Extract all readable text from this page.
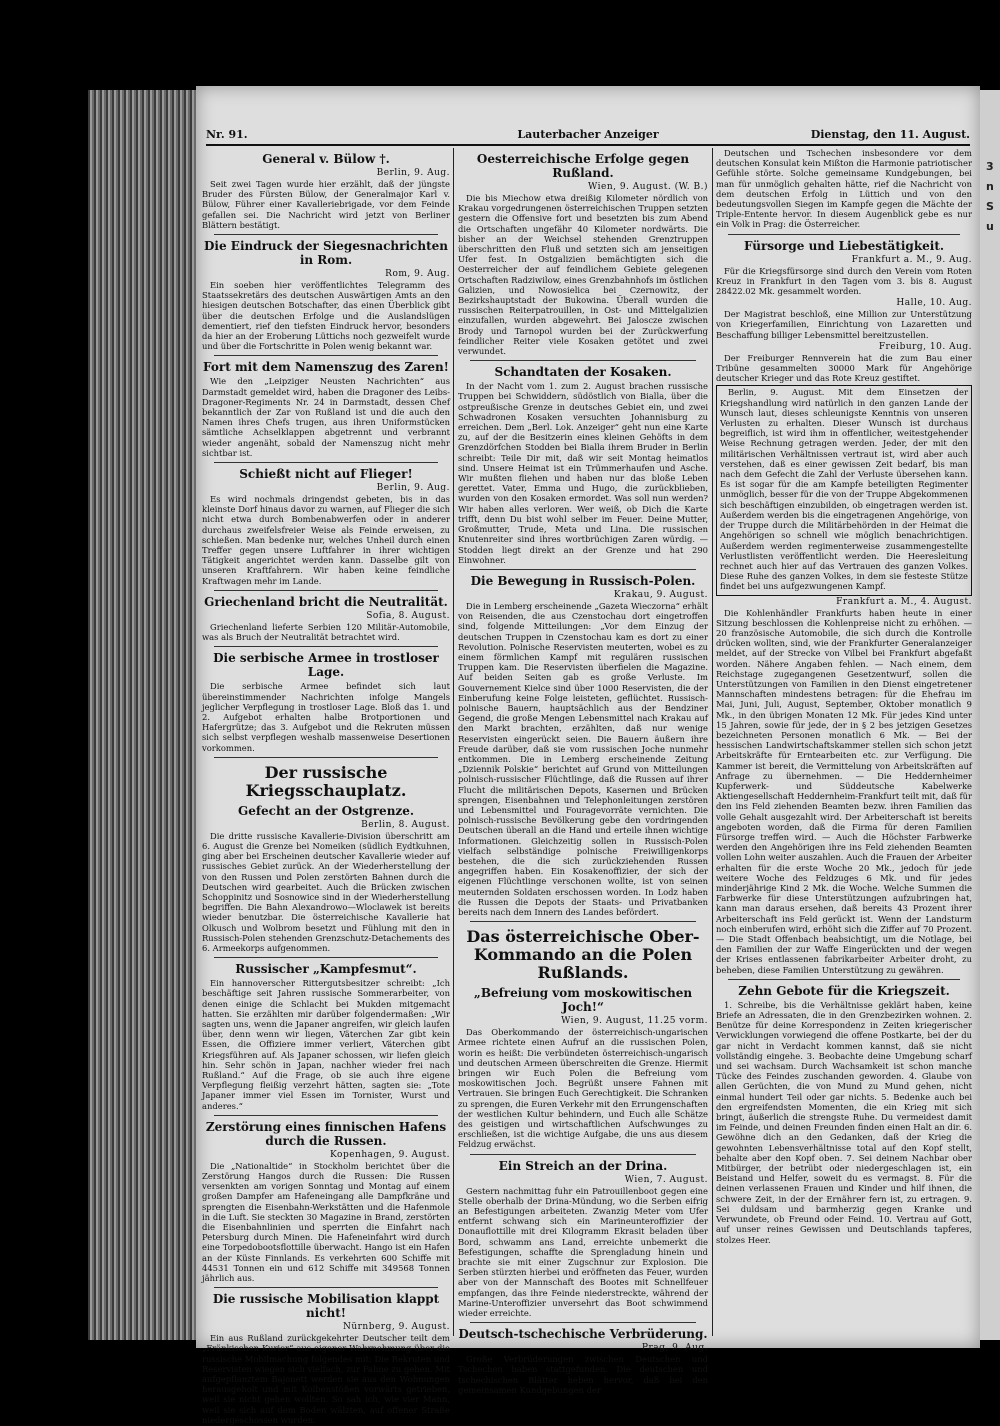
Nr. 91.	Lauterbacher Anzeiger	Dienstag, den 11. August.
General v. Bülow †.
Berlin, 9. Aug.

Seit zwei Tagen wurde hier erzählt, daß der jüngste Bruder des Fürsten Bülow, der Generalmajor Karl v. Bülow, Führer einer Kavalleriebrigade, vor dem Feinde gefallen sei. Die Nachricht wird jetzt von Berliner Blättern bestätigt.

Die Eindruck der Siegesnachrichten in Rom.
Rom, 9. Aug.

Ein soeben hier veröffentlichtes Telegramm des Staatssekretärs des deutschen Auswärtigen Amts an den hiesigen deutschen Botschafter, das einen Überblick gibt über die deutschen Erfolge und die Auslandslügen dementiert, rief den tiefsten Eindruck hervor, besonders da hier an der Eroberung Lüttichs noch gezweifelt wurde und über die Fortschritte in Polen wenig bekannt war.

Fort mit dem Namenszug des Zaren!

Wie den „Leipziger Neusten Nachrichten“ aus Darmstadt gemeldet wird, haben die Dragoner des Leibs-Dragoner-Regiments Nr. 24 in Darmstadt, dessen Chef bekanntlich der Zar von Rußland ist und die auch den Namen ihres Chefs trugen, aus ihren Uniformstücken sämtliche Achselklappen abgetrennt und verbrannt wieder angenäht, sobald der Namenszug nicht mehr sichtbar ist.

Schießt nicht auf Flieger!
Berlin, 9. Aug.

Es wird nochmals dringendst gebeten, bis in das kleinste Dorf hinaus davor zu warnen, auf Flieger die sich nicht etwa durch Bombenabwerfen oder in anderer durchaus zweifelsfreier Weise als Feinde erweisen, zu schießen. Man bedenke nur, welches Unheil durch einen Treffer gegen unsere Luftfahrer in ihrer wichtigen Tätigkeit angerichtet werden kann. Dasselbe gilt von unseren Kraftfahrern. Wir haben keine feindliche Kraftwagen mehr im Lande.

Griechenland bricht die Neutralität.
Sofia, 8. August.

Griechenland lieferte Serbien 120 Militär-Automobile, was als Bruch der Neutralität betrachtet wird.

Die serbische Armee in trostloser Lage.

Die serbische Armee befindet sich laut übereinstimmender Nachrichten infolge Mangels jeglicher Verpflegung in trostloser Lage. Bloß das 1. und 2. Aufgebot erhalten halbe Brotportionen und Hafergrütze; das 3. Aufgebot und die Rekruten müssen sich selbst verpflegen weshalb massenweise Desertionen vorkommen.

Der russische Kriegsschauplatz.
Gefecht an der Ostgrenze.
Berlin, 8. August.

Die dritte russische Kavallerie-Division überschritt am 6. August die Grenze bei Nomeiken (südlich Eydtkuhnen, ging aber bei Erscheinen deutscher Kavallerie wieder auf russisches Gebiet zurück. An der Wiederherstellung der von den Russen und Polen zerstörten Bahnen durch die Deutschen wird gearbeitet. Auch die Brücken zwischen Schoppinitz und Sosnowice sind in der Wiederherstellung begriffen. Die Bahn Alexandrowo—Wloclawek ist bereits wieder benutzbar. Die österreichische Kavallerie hat Olkusch und Wolbrom besetzt und Fühlung mit den in Russisch-Polen stehenden Grenzschutz-Detachements des 6. Armeekorps aufgenommen.

Russischer „Kampfesmut“.

Ein hannoverscher Rittergutsbesitzer schreibt: „Ich beschäftige seit Jahren russische Sommerarbeiter, von denen einige die Schlacht bei Mukden mitgemacht hatten. Sie erzählten mir darüber folgendermaßen: „Wir sagten uns, wenn die Japaner angreifen, wir gleich laufen über, denn wenn wir liegen, Väterchen Zar gibt kein Essen, die Offiziere immer verliert, Väterchen gibt Kriegsführen auf. Als Japaner schossen, wir liefen gleich hin. Sehr schön in Japan, nachher wieder frei nach Rußland.“ Auf die Frage, ob sie auch ihre eigene Verpflegung fleißig verzehrt hätten, sagten sie: „Tote Japaner immer viel Essen im Tornister, Wurst und anderes.“

Zerstörung eines finnischen Hafens durch die Russen.
Kopenhagen, 9. August.

Die „Nationaltide“ in Stockholm berichtet über die Zerstörung Hangos durch die Russen: Die Russen versenkten am vorigen Sonntag und Montag auf einem großen Dampfer am Hafeneingang alle Dampfkräne und sprengten die Eisenbahn-Werkstätten und die Hafenmole in die Luft. Sie steckten 30 Magazine in Brand, zerstörten die Eisenbahnlinien und sperrten die Einfahrt nach Petersburg durch Minen. Die Hafeneinfahrt wird durch eine Torpedobootsflottille überwacht. Hango ist ein Hafen an der Küste Finnlands. Es verkehrten 600 Schiffe mit 44531 Tonnen ein und 612 Schiffe mit 349568 Tonnen jährlich aus.

Die russische Mobilisation klappt nicht!
Nürnberg, 9. August.

Ein aus Rußland zurückgekehrter Deutscher teilt dem „Fränkischen Kurier“ aus eigener Wahrnehmung über die russische Mobilmachung folgendes mit: Die Rekruten und Reservisten wiegen sich vielfach, zur Fahne zu gehen. Mit aufgepflanztem Bajonett werden sie aus den Wohnungen herausgeholt und mit Kolbenstößen vorwärts getrieben, weil sie nicht gehen wollten. So sah ich, wie vier Mann, weil sie sich auf dem Boden wälzten, auf offener Straße niedergeschossen wurden.

Oesterreichische Erfolge gegen Rußland.
Wien, 9. August. (W. B.)

Die bis Miechow etwa dreißig Kilometer nördlich von Krakau vorgedrungenen österreichischen Truppen setzten gestern die Offensive fort und besetzten bis zum Abend die Ortschaften ungefähr 40 Kilometer nordwärts. Die bisher an der Weichsel stehenden Grenztruppen überschritten den Fluß und setzten sich am jenseitigen Ufer fest. In Ostgalizien bemächtigten sich die Oesterreicher der auf feindlichem Gebiete gelegenen Ortschaften Radziwilow, eines Grenzbahnhofs im östlichen Galizien, und Nowosielica bei Czernowitz, der Bezirkshauptstadt der Bukowina. Überall wurden die russischen Reiterpatrouillen, in Ost- und Mittelgalizien einzufallen, wurden abgewehrt. Bei Jaloscze zwischen Brody und Tarnopol wurden bei der Zurückwerfung feindlicher Reiter viele Kosaken getötet und zwei verwundet.

Schandtaten der Kosaken.

In der Nacht vom 1. zum 2. August brachen russische Truppen bei Schwiddern, südöstlich von Bialla, über die ostpreußische Grenze in deutsches Gebiet ein, und zwei Schwadronen Kosaken versuchten Johannisburg zu erreichen. Dem „Berl. Lok. Anzeiger“ geht nun eine Karte zu, auf der die Besitzerin eines kleinen Gehöfts in dem Grenzdörfchen Stodden bei Bialla ihrem Bruder in Berlin schreibt: Teile Dir mit, daß wir seit Montag heimatlos sind. Unsere Heimat ist ein Trümmerhaufen und Asche. Wir mußten fliehen und haben nur das bloße Leben gerettet. Vater, Emma und Hugo, die zurückblieben, wurden von den Kosaken ermordet. Was soll nun werden? Wir haben alles verloren. Wer weiß, ob Dich die Karte trifft, denn Du bist wohl selber im Feuer. Deine Mutter, Großmutter, Trude, Meta und Lina. Die russischen Knutenreiter sind ihres wortbrüchigen Zaren würdig. — Stodden liegt direkt an der Grenze und hat 290 Einwohner.

Die Bewegung in Russisch-Polen.
Krakau, 9. August.

Die in Lemberg erscheinende „Gazeta Wieczorna“ erhält von Reisenden, die aus Czenstochau dort eingetroffen sind, folgende Mitteilungen: „Vor dem Einzug der deutschen Truppen in Czenstochau kam es dort zu einer Revolution. Polnische Reservisten meuterten, wobei es zu einem förmlichen Kampf mit regulären russischen Truppen kam. Die Reservisten überfielen die Magazine. Auf beiden Seiten gab es große Verluste. Im Gouvernement Kielce sind über 1000 Reservisten, die der Einberufung keine Folge leisteten, geflüchtet. Russisch-polnische Bauern, hauptsächlich aus der Bendziner Gegend, die große Mengen Lebensmittel nach Krakau auf den Markt brachten, erzählten, daß nur wenige Reservisten eingerückt seien. Die Bauern äußern ihre Freude darüber, daß sie vom russischen Joche nunmehr entkommen. Die in Lemberg erscheinende Zeitung „Dziennik Polskie“ berichtet auf Grund von Mitteilungen polnisch-russischer Flüchtlinge, daß die Russen auf ihrer Flucht die militärischen Depots, Kasernen und Brücken sprengen, Eisenbahnen und Telephonleitungen zerstören und Lebensmittel und Fouragevorräte vernichten. Die polnisch-russische Bevölkerung gebe den vordringenden Deutschen überall an die Hand und erteile ihnen wichtige Informationen. Gleichzeitig sollen in Russisch-Polen vielfach selbständige polnische Freiwilligenkorps bestehen, die die sich zurückziehenden Russen angegriffen haben. Ein Kosakenoffizier, der sich der eigenen Flüchtlinge verschonen wollte, ist von seinen meuternden Soldaten erschossen worden. In Lodz haben die Russen die Depots der Staats- und Privatbanken bereits nach dem Innern des Landes befördert.

Das österreichische Ober-Kommando an die Polen Rußlands.
„Befreiung vom moskowitischen Joch!“
Wien, 9. August, 11.25 vorm.

Das Oberkommando der österreichisch-ungarischen Armee richtete einen Aufruf an die russischen Polen, worin es heißt: Die verbündeten österreichisch-ungarisch und deutschen Armeen überschreiten die Grenze. Hiermit bringen wir Euch Polen die Befreiung vom moskowitischen Joch. Begrüßt unsere Fahnen mit Vertrauen. Sie bringen Euch Gerechtigkeit. Die Schranken zu sprengen, die Euren Verkehr mit den Errungenschaften der westlichen Kultur behindern, und Euch alle Schätze des geistigen und wirtschaftlichen Aufschwunges zu erschließen, ist die wichtige Aufgabe, die uns aus diesem Feldzug erwächst.

Ein Streich an der Drina.
Wien, 7. August.

Gestern nachmittag fuhr ein Patrouillenboot gegen eine Stelle oberhalb der Drina-Mündung, wo die Serben eifrig an Befestigungen arbeiteten. Zwanzig Meter vom Ufer entfernt schwang sich ein Marineunteroffizier der Donauflottille mit drei Kilogramm Ekrasit beladen über Bord, schwamm ans Land, erreichte unbemerkt die Befestigungen, schaffte die Sprengladung hinein und brachte sie mit einer Zugschnur zur Explosion. Die Serben stürzten hierbei und eröffneten das Feuer, wurden aber von der Mannschaft des Bootes mit Schnellfeuer empfangen, das ihre Feinde niederstreckte, während der Marine-Unteroffizier unversehrt das Boot schwimmend wieder erreichte.

Deutsch-tschechische Verbrüderung.
Prag, 9. Aug.

Große Verbrüderungen zwischen Deutschen und Tschechen haben stattgefunden. Die deutschen und tschechischen Blätter heben hervor, daß bei den gemeinsamen Kundgebungen der

Deutschen und Tschechen insbesondere vor dem deutschen Konsulat kein Mißton die Harmonie patriotischer Gefühle störte. Solche gemeinsame Kundgebungen, bei man für unmöglich gehalten hätte, rief die Nachricht von dem deutschen Erfolg in Lüttich und von den bedeutungsvollen Siegen im Kampfe gegen die Mächte der Triple-Entente hervor. In diesem Augenblick gebe es nur ein Volk in Prag: die Österreicher.

Fürsorge und Liebestätigkeit.
Frankfurt a. M., 9. Aug.

Für die Kriegsfürsorge sind durch den Verein vom Roten Kreuz in Frankfurt in den Tagen vom 3. bis 8. August 28422.02 Mk. gesammelt worden.

Halle, 10. Aug.

Der Magistrat beschloß, eine Million zur Unterstützung von Kriegerfamilien, Einrichtung von Lazaretten und Beschaffung billiger Lebensmittel bereitzustellen.

Freiburg, 10. Aug.

Der Freiburger Rennverein hat die zum Bau einer Tribüne gesammelten 30000 Mark für Angehörige deutscher Krieger und das Rote Kreuz gestiftet.

Berlin, 9. August. Mit dem Einsetzen der Kriegshandlung wird natürlich in den ganzen Lande der Wunsch laut, dieses schleunigste Kenntnis von unseren Verlusten zu erhalten. Dieser Wunsch ist durchaus begreiflich, ist wird ihm in offentlicher, weitestgehender Weise Rechnung getragen werden. Jeder, der mit den militärischen Verhältnissen vertraut ist, wird aber auch verstehen, daß es einer gewissen Zeit bedarf, bis man nach dem Gefecht die Zahl der Verluste übersehen kann. Es ist sogar für die am Kampfe beteiligten Regimenter unmöglich, besser für die von der Truppe Abgekommenen sich beschäftigen einzubilden, ob eingetragen werden ist. Außerdem werden bis die eingetragenen Angehörige, von der Truppe durch die Militärbehörden in der Heimat die Angehörigen so schnell wie möglich benachrichtigen. Außerdem werden regimenterweise zusammengestellte Verlustlisten veröffentlicht werden. Die Heeresleitung rechnet auch hier auf das Vertrauen des ganzen Volkes. Diese Ruhe des ganzen Volkes, in dem sie festeste Stütze findet bei uns aufgezwungenen Kampf.

Frankfurt a. M., 4. August.

Die Kohlenhändler Frankfurts haben heute in einer Sitzung beschlossen die Kohlenpreise nicht zu erhöhen. — 20 französische Automobile, die sich durch die Kontrolle drücken wollten, sind, wie der Frankfurter Generalanzeiger meldet, auf der Strecke von Vilbel bei Frankfurt abgefaßt worden. Nähere Angaben fehlen. — Nach einem, dem Reichstage zugegangenen Gesetzentwurf, sollen die Unterstützungen von Familien in den Dienst eingetretener Mannschaften mindestens betragen: für die Ehefrau im Mai, Juni, Juli, August, September, Oktober monatlich 9 Mk., in den übrigen Monaten 12 Mk. Für jedes Kind unter 15 Jahren, sowie für jede, der in § 2 bes jetzigen Gesetzes bezeichneten Personen monatlich 6 Mk. — Bei der hessischen Landwirtschaftskammer stellen sich schon jetzt Arbeitskräfte für Erntearbeiten etc. zur Verfügung. Die Kammer ist bereit, die Vermittelung von Arbeitskräften auf Anfrage zu übernehmen. — Die Heddernheimer Kupferwerk- und Süddeutsche Kabelwerke Aktiengesellschaft Heddernheim-Frankfurt teilt mit, daß für den ins Feld ziehenden Beamten bezw. ihren Familien das volle Gehalt ausgezahlt wird. Der Arbeiterschaft ist bereits angeboten worden, daß die Firma für deren Familien Fürsorge treffen wird. — Auch die Höchster Farbwerke werden den Angehörigen ihre ins Feld ziehenden Beamten vollen Lohn weiter auszahlen. Auch die Frauen der Arbeiter erhalten für die erste Woche 20 Mk., jedoch für jede weitere Woche des Feldzuges 6 Mk. und für jedes minderjährige Kind 2 Mk. die Woche. Welche Summen die Farbwerke für diese Unterstützungen aufzubringen hat, kann man daraus ersehen, daß bereits 43 Prozent ihrer Arbeiterschaft ins Feld gerückt ist. Wenn der Landsturm noch einberufen wird, erhöht sich die Ziffer auf 70 Prozent. — Die Stadt Offenbach beabsichtigt, um die Notlage, bei den Familien der zur Waffe Eingerückten und der wegen der Krises entlassenen fabrikarbeiter Arbeiter droht, zu beheben, diese Familien Unterstützung zu gewähren.

Zehn Gebote für die Kriegszeit.

1. Schreibe, bis die Verhältnisse geklärt haben, keine Briefe an Adressaten, die in den Grenzbezirken wohnen. 2. Benütze für deine Korrespondenz in Zeiten kriegerischer Verwicklungen vorwiegend die offene Postkarte, bei der du gar nicht in Verdacht kommen kannst, daß sie nicht vollständig eingehe. 3. Beobachte deine Umgebung scharf und sei wachsam. Durch Wachsamkeit ist schon manche Tücke des Feindes zuschanden geworden. 4. Glaube von allen Gerüchten, die von Mund zu Mund gehen, nicht einmal hundert Teil oder gar nichts. 5. Bedenke auch bei den ergreifendsten Momenten, die ein Krieg mit sich bringt, äußerlich die strengste Ruhe. Du vermeidest damit im Feinde, und deinen Freunden finden einen Halt an dir. 6. Gewöhne dich an den Gedanken, daß der Krieg die gewohnten Lebensverhältnisse total auf den Kopf stellt, behalte aber den Kopf oben. 7. Sei deinem Nachbar ober Mitbürger, der betrübt oder niedergeschlagen ist, ein Beistand und Helfer, soweit du es vermagst. 8. Für die deinen verlassenen Frauen und Kinder und hilf ihnen, die schwere Zeit, in der der Ernährer fern ist, zu ertragen. 9. Sei duldsam und barmherzig gegen Kranke und Verwundete, ob Freund oder Feind. 10. Vertrau auf Gott, auf unser reines Gewissen und Deutschlands tapferes, stolzes Heer.

3
n
S
u
